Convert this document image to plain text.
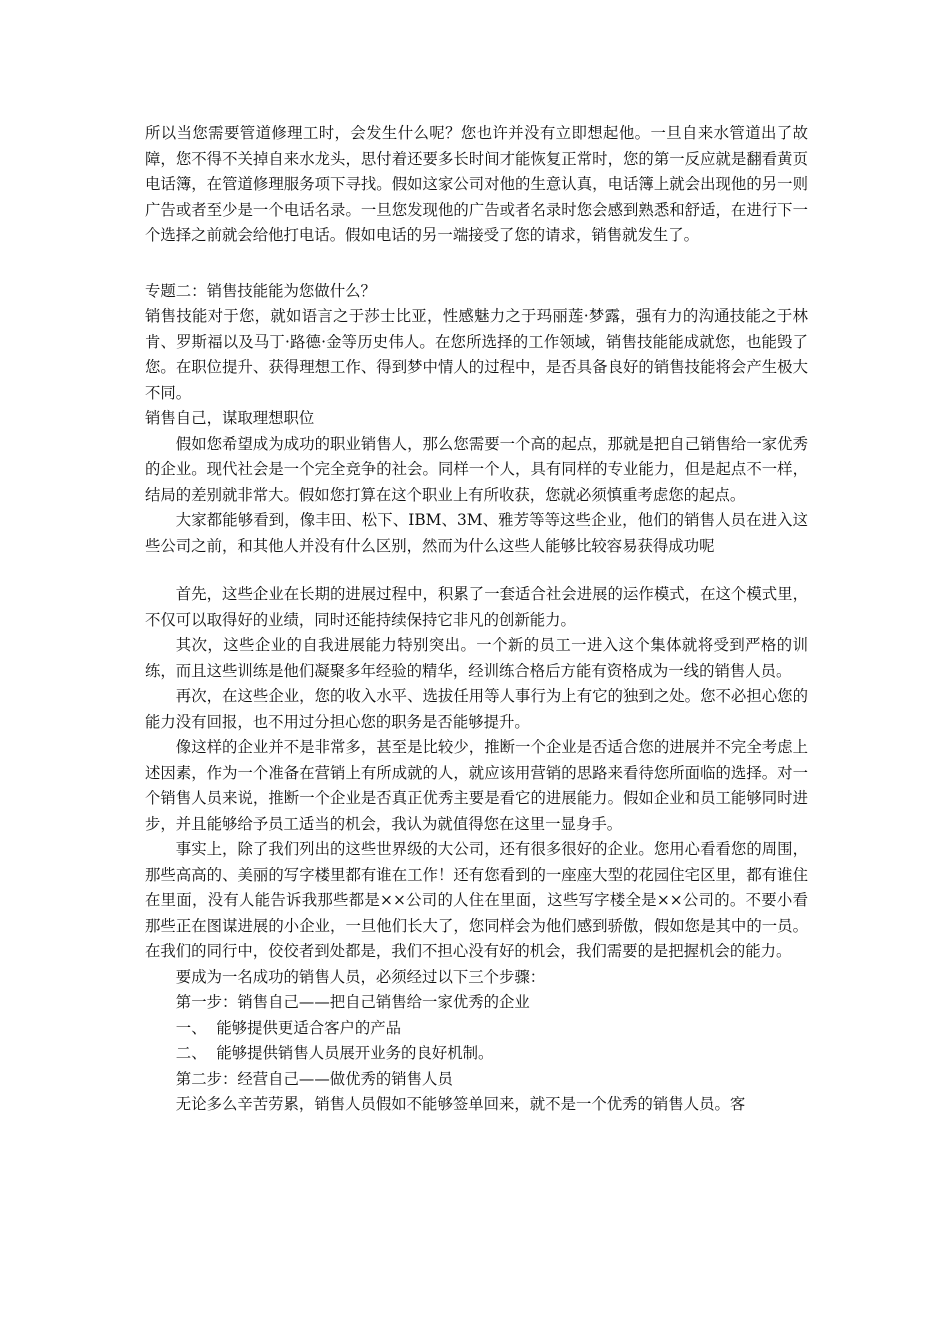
所以当您需要管道修理工时，会发生什么呢？您也许并没有立即想起他。一旦自来水管道出了故障，您不得不关掉自来水龙头，思付着还要多长时间才能恢复正常时，您的第一反应就是翻看黄页电话簿，在管道修理服务项下寻找。假如这家公司对他的生意认真，电话簿上就会出现他的另一则广告或者至少是一个电话名录。一旦您发现他的广告或者名录时您会感到熟悉和舒适，在进行下一个选择之前就会给他打电话。假如电话的另一端接受了您的请求，销售就发生了。

专题二：销售技能能为您做什么？

销售技能对于您，就如语言之于莎士比亚，性感魅力之于玛丽莲·梦露，强有力的沟通技能之于林肯、罗斯福以及马丁·路德·金等历史伟人。在您所选择的工作领域，销售技能能成就您，也能毁了您。在职位提升、获得理想工作、得到梦中情人的过程中，是否具备良好的销售技能将会产生极大不同。

销售自己，谋取理想职位

假如您希望成为成功的职业销售人，那么您需要一个高的起点，那就是把自己销售给一家优秀的企业。现代社会是一个完全竞争的社会。同样一个人，具有同样的专业能力，但是起点不一样，结局的差别就非常大。假如您打算在这个职业上有所收获，您就必须慎重考虑您的起点。

大家都能够看到，像丰田、松下、IBM、3M、雅芳等等这些企业，他们的销售人员在进入这些公司之前，和其他人并没有什么区别，然而为什么这些人能够比较容易获得成功呢

首先，这些企业在长期的进展过程中，积累了一套适合社会进展的运作模式，在这个模式里，不仅可以取得好的业绩，同时还能持续保持它非凡的创新能力。

其次，这些企业的自我进展能力特别突出。一个新的员工一进入这个集体就将受到严格的训练，而且这些训练是他们凝聚多年经验的精华，经训练合格后方能有资格成为一线的销售人员。

再次，在这些企业，您的收入水平、选拔任用等人事行为上有它的独到之处。您不必担心您的能力没有回报，也不用过分担心您的职务是否能够提升。

像这样的企业并不是非常多，甚至是比较少，推断一个企业是否适合您的进展并不完全考虑上述因素，作为一个准备在营销上有所成就的人，就应该用营销的思路来看待您所面临的选择。对一个销售人员来说，推断一个企业是否真正优秀主要是看它的进展能力。假如企业和员工能够同时进步，并且能够给予员工适当的机会，我认为就值得您在这里一显身手。

事实上，除了我们列出的这些世界级的大公司，还有很多很好的企业。您用心看看您的周围，那些高高的、美丽的写字楼里都有谁在工作！还有您看到的一座座大型的花园住宅区里，都有谁住在里面，没有人能告诉我那些都是××公司的人住在里面，这些写字楼全是××公司的。不要小看那些正在图谋进展的小企业，一旦他们长大了，您同样会为他们感到骄傲，假如您是其中的一员。在我们的同行中，佼佼者到处都是，我们不担心没有好的机会，我们需要的是把握机会的能力。

要成为一名成功的销售人员，必须经过以下三个步骤：

第一步：销售自己——把自己销售给一家优秀的企业

一、  能够提供更适合客户的产品

二、  能够提供销售人员展开业务的良好机制。

第二步：经营自己——做优秀的销售人员

无论多么辛苦劳累，销售人员假如不能够签单回来，就不是一个优秀的销售人员。客
